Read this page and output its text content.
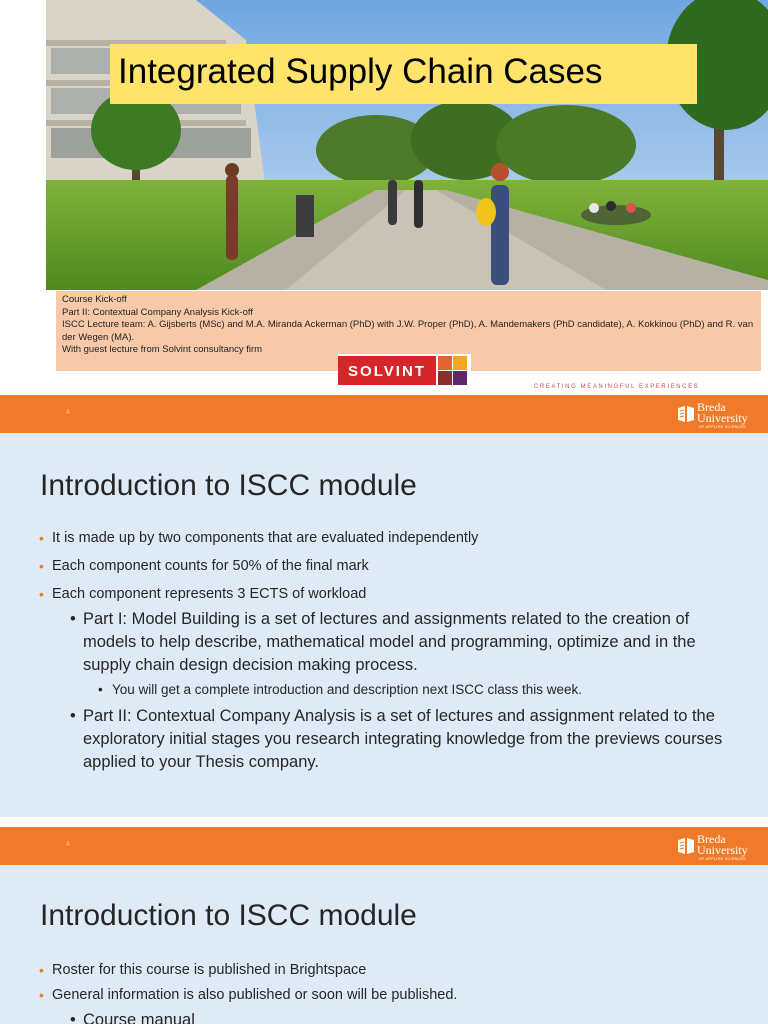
Integrated Supply Chain Cases

Course Kick-off

Part II: Contextual Company Analysis Kick-off

ISCC Lecture team: A. Gijsberts (MSc) and M.A. Miranda Ackerman (PhD) with J.W. Proper (PhD), A. Mandemakers (PhD candidate), A. Kokkinou (PhD) and R. van der Wegen (MA).

With guest lecture from Solvint consultancy firm

SOLVINT
CREATING MEANINGFUL EXPERIENCES
4	Breda
University
OF APPLIED SCIENCES
Introduction to ISCC module
• It is made up by two components that are evaluated independently
• Each component counts for 50% of the final mark
• Each component represents 3 ECTS of workload
• Part I: Model Building is a set of lectures and assignments related to the creation of models to help describe, mathematical model and programming, optimize and in the supply chain design decision making process.
• You will get a complete introduction and description next ISCC class this week.
• Part II: Contextual Company Analysis is a set of lectures and assignment related to the exploratory initial stages you research integrating knowledge from the previews courses applied to your Thesis company.
4	Breda
University
OF APPLIED SCIENCES
Introduction to ISCC module
• Roster for this course is published in Brightspace
• General information is also published or soon will be published.
• Course manual
